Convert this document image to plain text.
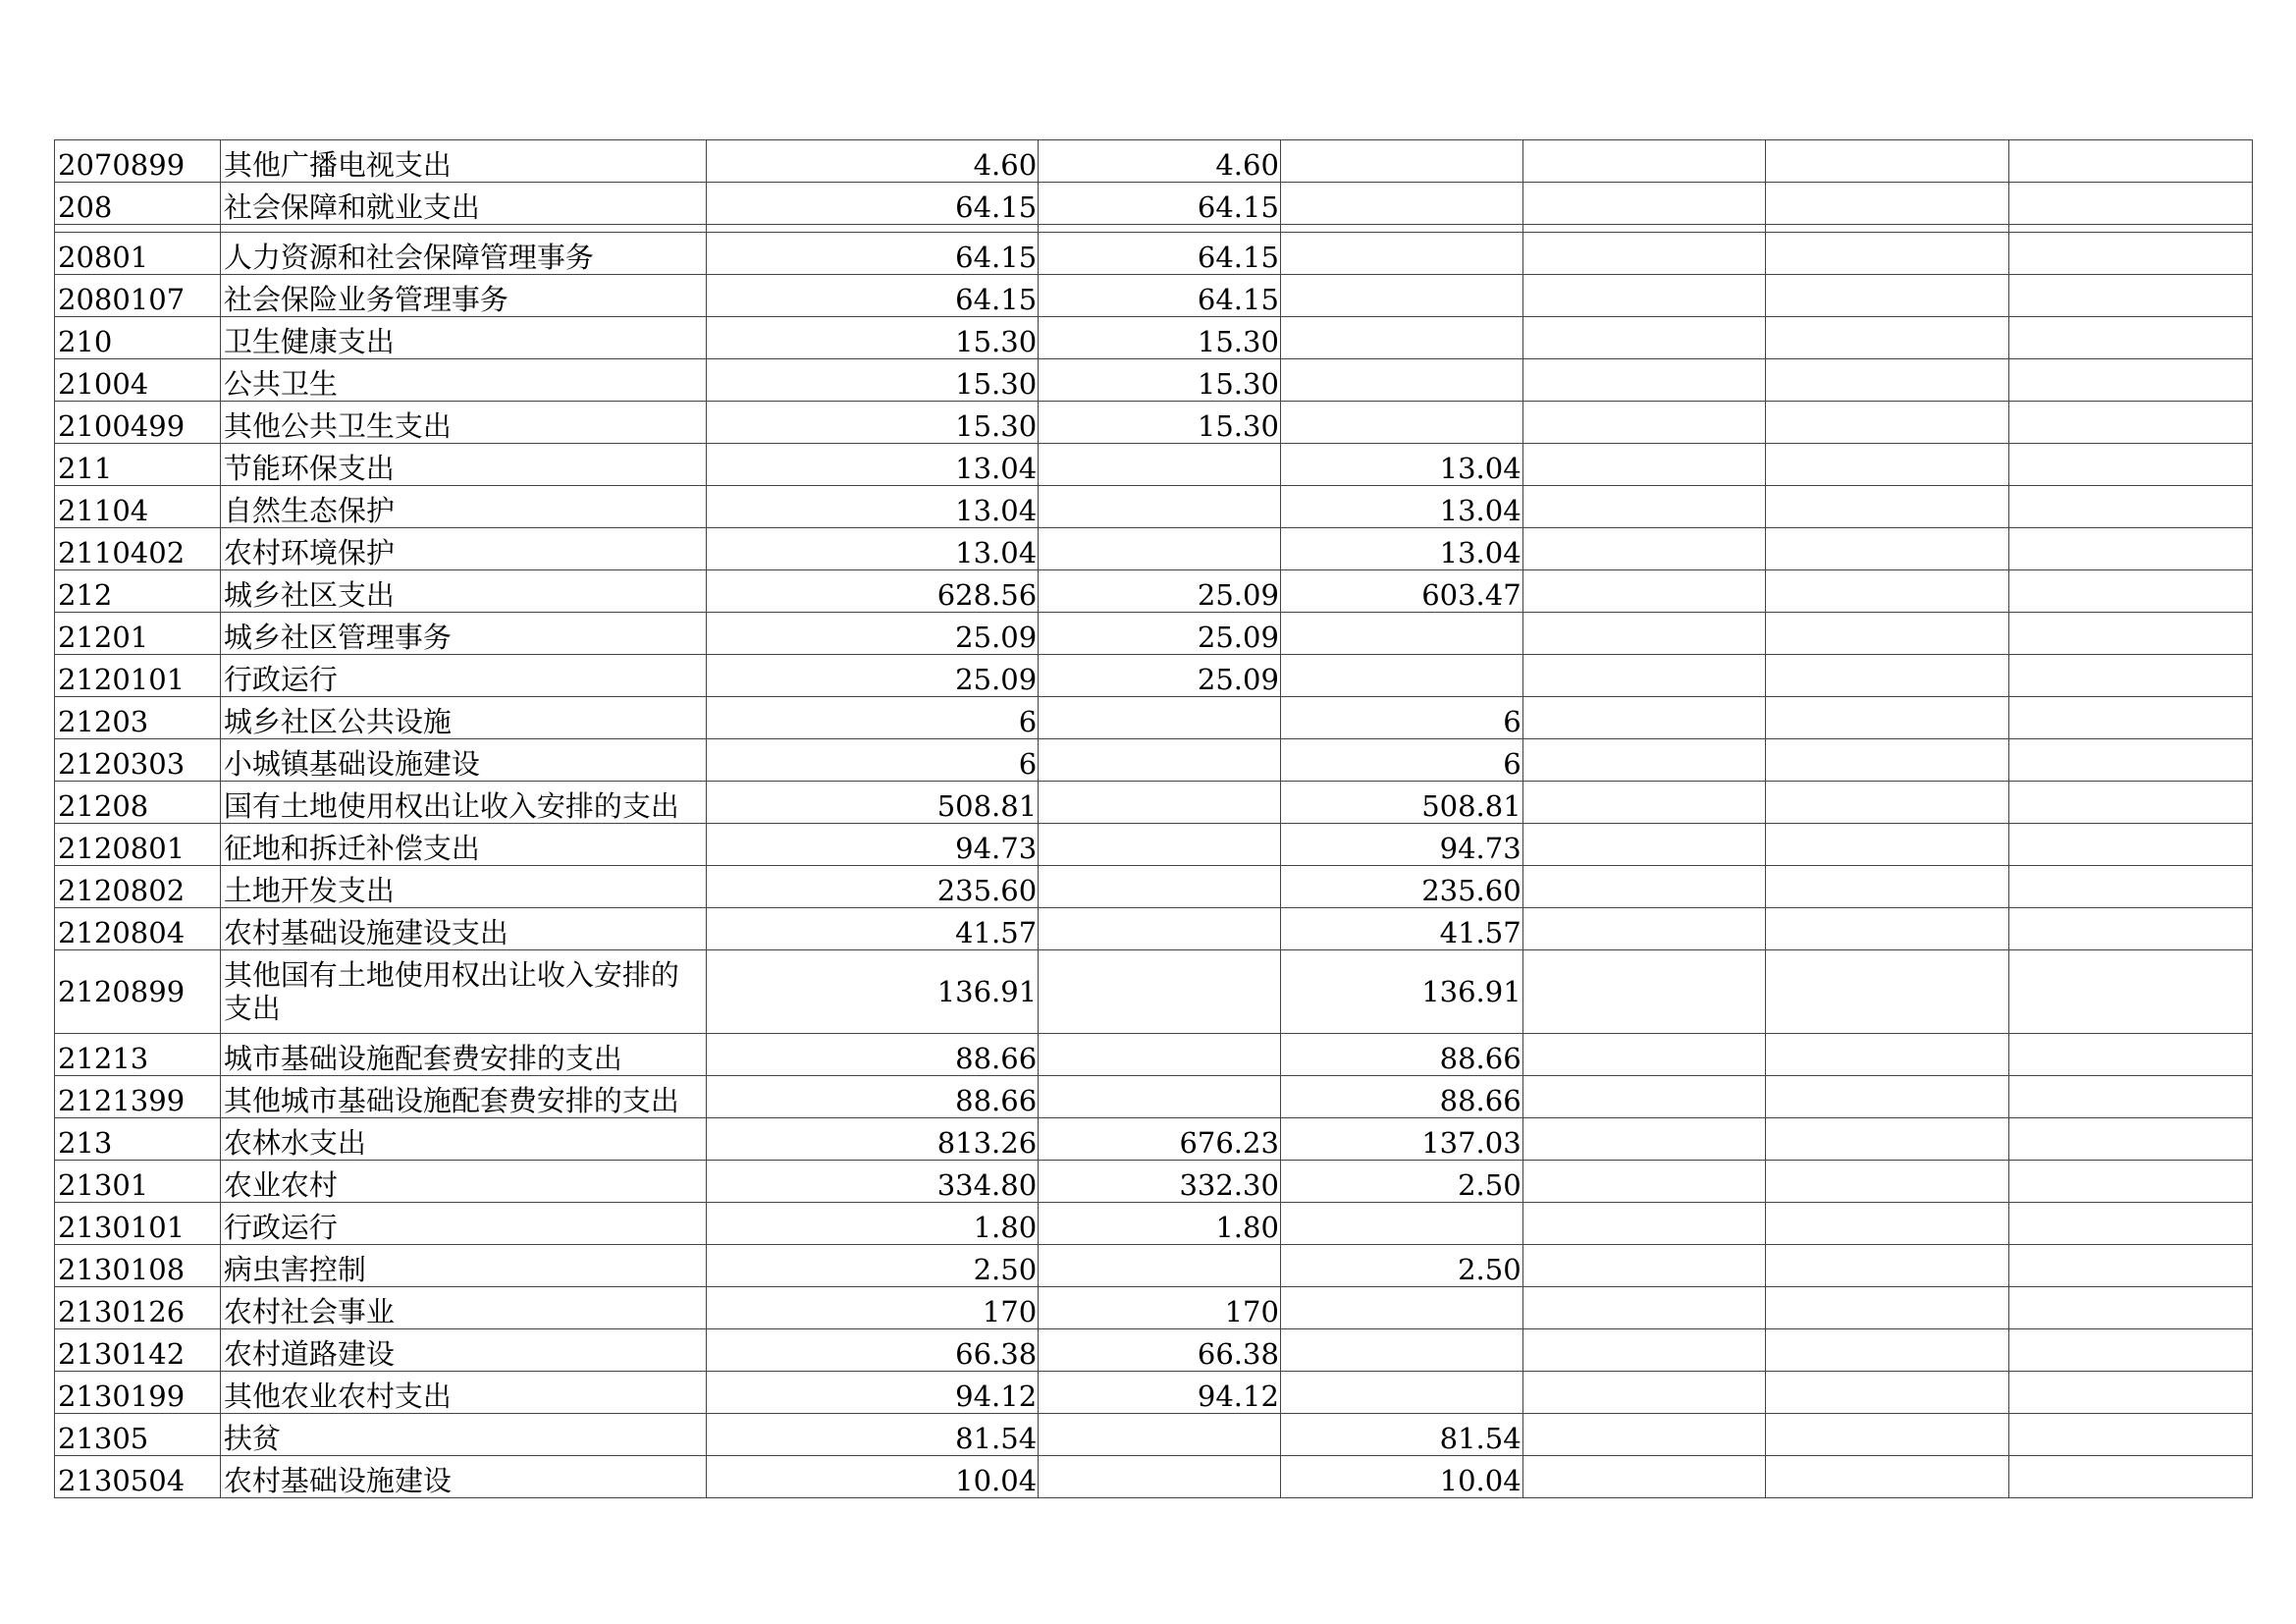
2070899	其他广播电视支出	4.60	4.60				
208	社会保障和就业支出	64.15	64.15				

20801	人力资源和社会保障管理事务	64.15	64.15				
2080107	社会保险业务管理事务	64.15	64.15				
210	卫生健康支出	15.30	15.30				
21004	公共卫生	15.30	15.30				
2100499	其他公共卫生支出	15.30	15.30				
211	节能环保支出	13.04		13.04			
21104	自然生态保护	13.04		13.04			
2110402	农村环境保护	13.04		13.04			
212	城乡社区支出	628.56	25.09	603.47			
21201	城乡社区管理事务	25.09	25.09				
2120101	行政运行	25.09	25.09				
21203	城乡社区公共设施	6		6			
2120303	小城镇基础设施建设	6		6			
21208	国有土地使用权出让收入安排的支出	508.81		508.81			
2120801	征地和拆迁补偿支出	94.73		94.73			
2120802	土地开发支出	235.60		235.60			
2120804	农村基础设施建设支出	41.57		41.57			
2120899	其他国有土地使用权出让收入安排的支出	136.91		136.91			
21213	城市基础设施配套费安排的支出	88.66		88.66			
2121399	其他城市基础设施配套费安排的支出	88.66		88.66			
213	农林水支出	813.26	676.23	137.03			
21301	农业农村	334.80	332.30	2.50			
2130101	行政运行	1.80	1.80				
2130108	病虫害控制	2.50		2.50			
2130126	农村社会事业	170	170				
2130142	农村道路建设	66.38	66.38				
2130199	其他农业农村支出	94.12	94.12				
21305	扶贫	81.54		81.54			
2130504	农村基础设施建设	10.04		10.04			
